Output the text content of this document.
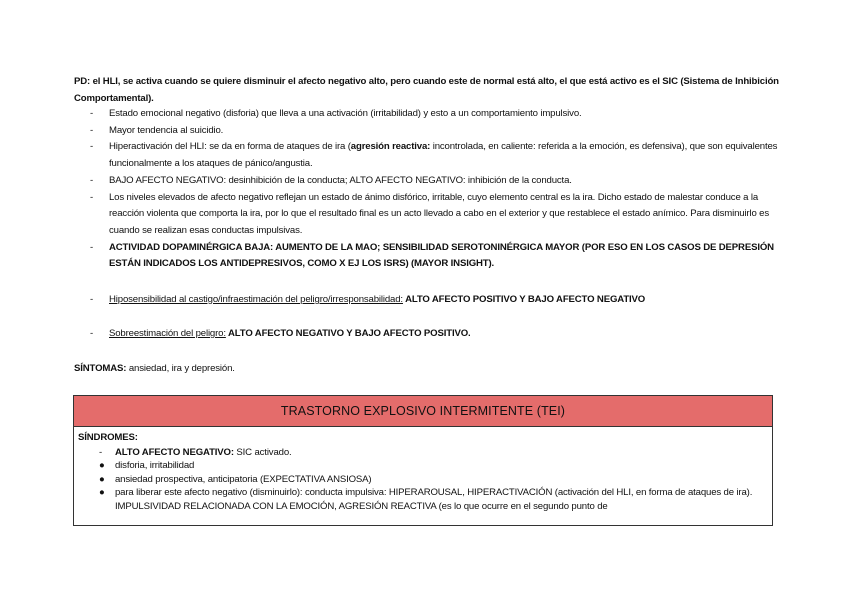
PD: el HLI, se activa cuando se quiere disminuir el afecto negativo alto, pero cuando este de normal está alto, el que está activo es el SIC (Sistema de Inhibición Comportamental).
- Estado emocional negativo (disforia) que lleva a una activación (irritabilidad) y esto a un comportamiento impulsivo.
- Mayor tendencia al suicidio.
- Hiperactivación del HLI: se da en forma de ataques de ira (agresión reactiva: incontrolada, en caliente: referida a la emoción, es defensiva), que son equivalentes funcionalmente a los ataques de pánico/angustia.
- BAJO AFECTO NEGATIVO: desinhibición de la conducta; ALTO AFECTO NEGATIVO: inhibición de la conducta.
- Los niveles elevados de afecto negativo reflejan un estado de ánimo disfórico, irritable, cuyo elemento central es la ira. Dicho estado de malestar conduce a la reacción violenta que comporta la ira, por lo que el resultado final es un acto llevado a cabo en el exterior y que restablece el estado anímico. Para disminuirlo es cuando se realizan esas conductas impulsivas.
- ACTIVIDAD DOPAMINÉRGICA BAJA: AUMENTO DE LA MAO; SENSIBILIDAD SEROTONINÉRGICA MAYOR (POR ESO EN LOS CASOS DE DEPRESIÓN ESTÁN INDICADOS LOS ANTIDEPRESIVOS, COMO X EJ LOS ISRS) (MAYOR INSIGHT).
- Hiposensibilidad al castigo/infraestimación del peligro/irresponsabilidad: ALTO AFECTO POSITIVO Y BAJO AFECTO NEGATIVO
- Sobreestimación del peligro: ALTO AFECTO NEGATIVO Y BAJO AFECTO POSITIVO.
SÍNTOMAS: ansiedad, ira y depresión.
TRASTORNO EXPLOSIVO INTERMITENTE (TEI)
SÍNDROMES:
- ALTO AFECTO NEGATIVO: SIC activado.
● disforia, irritabilidad
● ansiedad prospectiva, anticipatoria (EXPECTATIVA ANSIOSA)
● para liberar este afecto negativo (disminuirlo): conducta impulsiva: HIPERAROUSAL, HIPERACTIVACIÓN (activación del HLI, en forma de ataques de ira). IMPULSIVIDAD RELACIONADA CON LA EMOCIÓN, AGRESIÓN REACTIVA (es lo que ocurre en el segundo punto de
